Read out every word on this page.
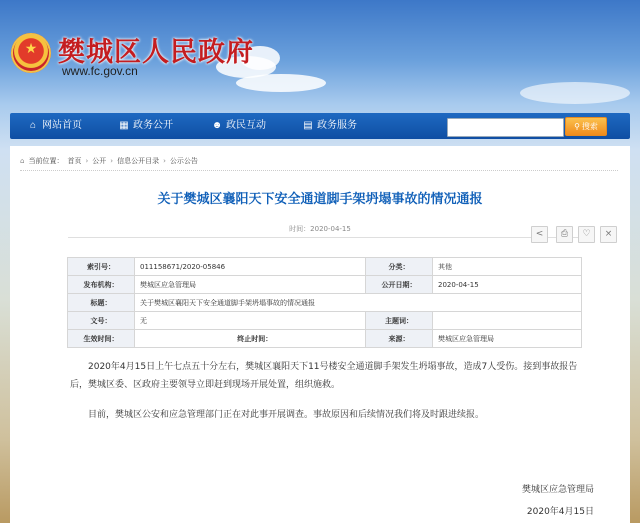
★ 樊城区人民政府
www.fc.gov.cn
⌂ 网站首页	▦ 政务公开	☻ 政民互动	▤ 政务服务	⚲ 搜索
⌂ 当前位置： 首页 › 公开 › 信息公开目录 › 公示公告
关于樊城区襄阳天下安全通道脚手架坍塌事故的情况通报
时间：2020-04-15	<	⎙	♡	×
索引号：	011158671/2020-05846	分类：	其他
发布机构：	樊城区应急管理局	公开日期：	2020-04-15
标题：	关于樊城区襄阳天下安全通道脚手架坍塌事故的情况通报		
文号：	无	主题词：	
生效时间：	终止时间：	来源：	樊城区应急管理局
2020年4月15日上午七点五十分左右，樊城区襄阳天下11号楼安全通道脚手架发生坍塌事故，造成7人受伤。接到事故报告后，樊城区委、区政府主要领导立即赶到现场开展处置，组织施救。
目前，樊城区公安和应急管理部门正在对此事开展调查。事故原因和后续情况我们将及时跟进续报。
樊城区应急管理局
2020年4月15日
